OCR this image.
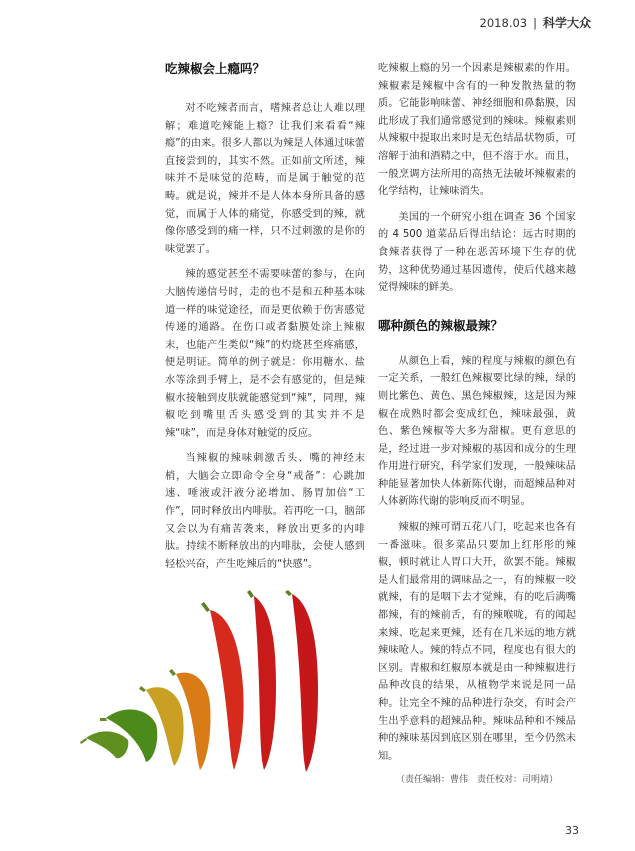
2018.03 | 科学大众
吃辣椒会上瘾吗？

对不吃辣者而言，嗜辣者总让人难以理解；难道吃辣能上瘾？让我们来看看“辣瘾”的由来。很多人都以为辣是人体通过味蕾直接尝到的，其实不然。正如前文所述，辣味并不是味觉的范畴，而是属于触觉的范畴。就是说，辣并不是人体本身所具备的感觉，而属于人体的痛觉，你感受到的辣，就像你感受到的痛一样，只不过刺激的是你的味觉罢了。

辣的感觉甚至不需要味蕾的参与，在向大脑传递信号时，走的也不是和五种基本味道一样的味觉途径，而是更依赖于伤害感觉传递的通路。在伤口或者黏膜处涂上辣椒末，也能产生类似“辣”的灼烧甚至疼痛感，便是明证。简单的例子就是：你用糖水、盐水等涂到手臂上，是不会有感觉的，但是辣椒水接触到皮肤就能感觉到“辣”，同理，辣椒吃到嘴里舌头感受到的其实并不是辣“味”，而是身体对触觉的反应。

当辣椒的辣味刺激舌头、嘴的神经末梢，大脑会立即命令全身“戒备”：心跳加速、唾液或汗液分泌增加、肠胃加倍“工作”，同时释放出内啡肽。若再吃一口，脑部又会以为有痛苦袭来，释放出更多的内啡肽。持续不断释放出的内啡肽，会使人感到轻松兴奋，产生吃辣后的“快感”。

吃辣椒上瘾的另一个因素是辣椒素的作用。辣椒素是辣椒中含有的一种发散热量的物质。它能影响味蕾、神经细胞和鼻黏膜，因此形成了我们通常感觉到的辣味。辣椒素则从辣椒中提取出来时是无色结晶状物质，可溶解于油和酒精之中，但不溶于水。而且，一般烹调方法所用的高热无法破坏辣椒素的化学结构，让辣味消失。

美国的一个研究小组在调查 36 个国家的 4 500 道菜品后得出结论：远古时期的食辣者获得了一种在恶苦环境下生存的优势，这种优势通过基因遗传，使后代越来越觉得辣味的鲜美。

哪种颜色的辣椒最辣？

从颜色上看，辣的程度与辣椒的颜色有一定关系，一般红色辣椒要比绿的辣，绿的则比紫色、黄色、黑色辣椒辣，这是因为辣椒在成熟时都会变成红色，辣味最强，黄色、紫色辣椒等大多为甜椒。更有意思的是，经过进一步对辣椒的基因和成分的生理作用进行研究，科学家们发现，一般辣味品种能显著加快人体新陈代谢，而超辣品种对人体新陈代谢的影响反而不明显。

辣椒的辣可谓五花八门，吃起来也各有一番滋味。很多菜品只要加上红彤彤的辣椒，顿时就让人胃口大开，欲罢不能。辣椒是人们最常用的调味品之一，有的辣椒一咬就辣，有的是咽下去才觉辣，有的吃后满嘴都辣，有的辣前舌，有的辣喉咙，有的闻起来辣、吃起来更辣，还有在几米远的地方就辣味呛人。辣的特点不同，程度也有很大的区别。青椒和红椒原本就是由一种辣椒进行品种改良的结果，从植物学来说是同一品种。让完全不辣的品种进行杂交，有时会产生出乎意料的超辣品种。辣味品种和不辣品种的辣味基因到底区别在哪里，至今仍然未知。

（责任编辑：曹伟　责任校对：司明靖）
33
